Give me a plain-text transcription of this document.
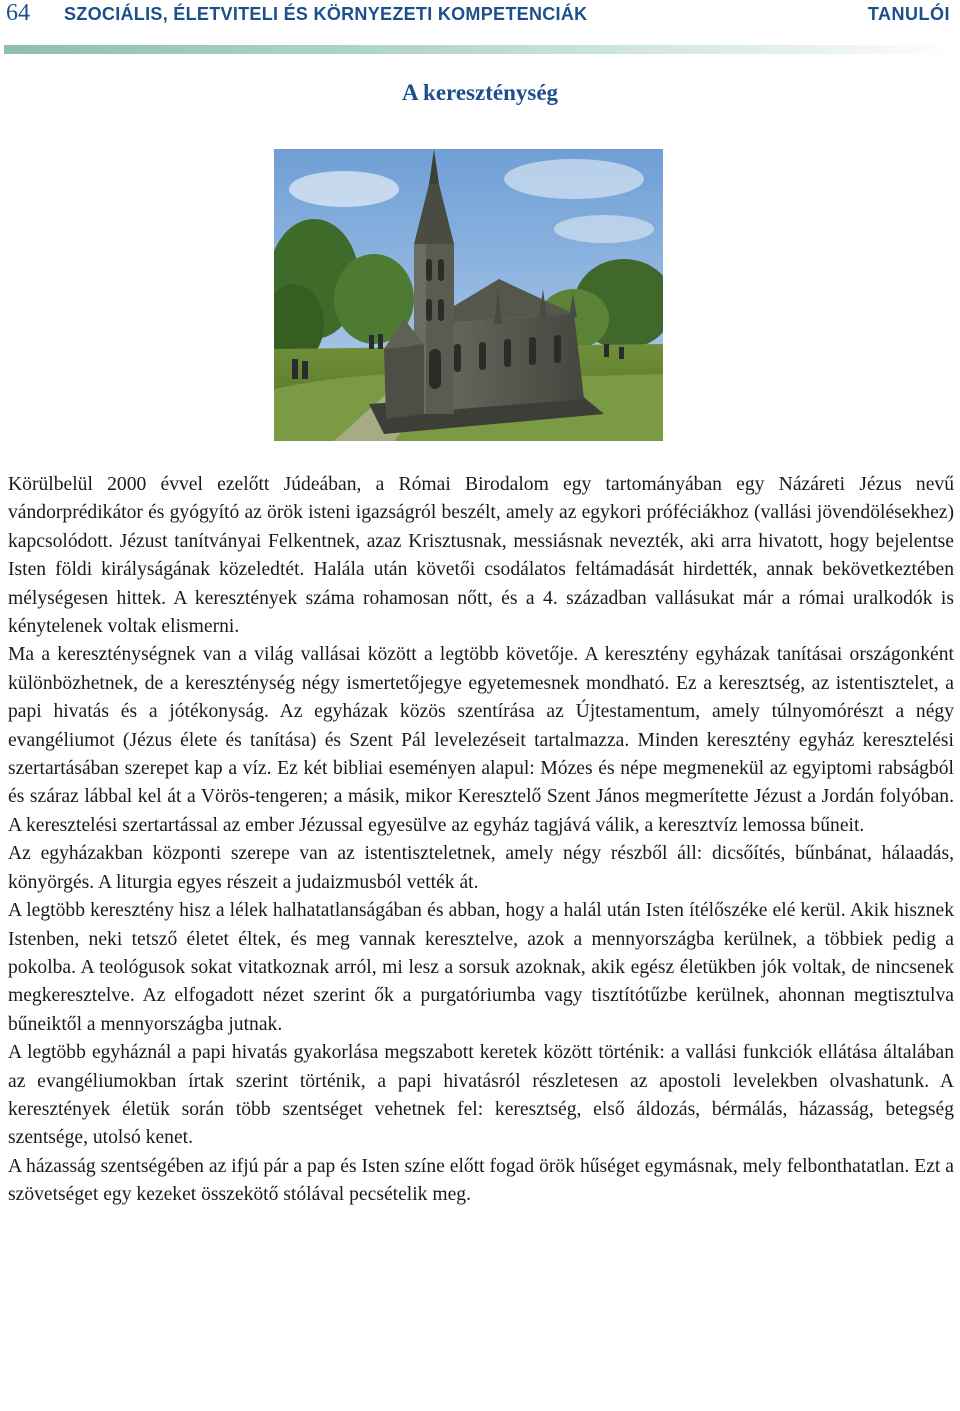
64 SZOCIÁLIS, ÉLETVITELI ÉS KÖRNYEZETI KOMPETENCIÁK	TANULÓI
A kereszténység

Körülbelül 2000 évvel ezelőtt Júdeában, a Római Birodalom egy tartományában egy Názáreti Jézus nevű vándorprédikátor és gyógyító az örök isteni igazságról beszélt, amely az egykori próféciákhoz (vallási jövendölésekhez) kapcsolódott. Jézust tanítványai Felkentnek, azaz Krisztusnak, messiásnak nevezték, aki arra hivatott, hogy bejelentse Isten földi királyságának közeledtét. Halála után követői csodálatos feltámadását hirdették, annak bekövetkeztében mélységesen hittek. A keresztények száma rohamosan nőtt, és a 4. században vallásukat már a római uralkodók is kénytelenek voltak elismerni.

Ma a kereszténységnek van a világ vallásai között a legtöbb követője. A keresztény egyházak tanításai országonként különbözhetnek, de a kereszténység négy ismertetőjegye egyetemesnek mondható. Ez a keresztség, az istentisztelet, a papi hivatás és a jótékonyság. Az egyházak közös szentírása az Újtestamentum, amely túlnyomórészt a négy evangéliumot (Jézus élete és tanítása) és Szent Pál levelezéseit tartalmazza. Minden keresztény egyház keresztelési szertartásában szerepet kap a víz. Ez két bibliai eseményen alapul: Mózes és népe megmenekül az egyiptomi rabságból és száraz lábbal kel át a Vörös-tengeren; a másik, mikor Keresztelő Szent János megmerítette Jézust a Jordán folyóban. A keresztelési szertartással az ember Jézussal egyesülve az egyház tagjává válik, a keresztvíz lemossa bűneit.

Az egyházakban központi szerepe van az istentiszteletnek, amely négy részből áll: dicsőítés, bűnbánat, hálaadás, könyörgés. A liturgia egyes részeit a judaizmusból vették át.

A legtöbb keresztény hisz a lélek halhatatlanságában és abban, hogy a halál után Isten ítélőszéke elé kerül. Akik hisznek Istenben, neki tetsző életet éltek, és meg vannak keresztelve, azok a mennyországba kerülnek, a többiek pedig a pokolba. A teológusok sokat vitatkoznak arról, mi lesz a sorsuk azoknak, akik egész életükben jók voltak, de nincsenek megkeresztelve. Az elfogadott nézet szerint ők a purgatóriumba vagy tisztítótűzbe kerülnek, ahonnan megtisztulva bűneiktől a mennyországba jutnak.

A legtöbb egyháznál a papi hivatás gyakorlása megszabott keretek között történik: a vallási funkciók ellátása általában az evangéliumokban írtak szerint történik, a papi hivatásról részletesen az apostoli levelekben olvashatunk. A keresztények életük során több szentséget vehetnek fel: keresztség, első áldozás, bérmálás, házasság, betegség szentsége, utolsó kenet.

A házasság szentségében az ifjú pár a pap és Isten színe előtt fogad örök hűséget egymásnak, mely felbonthatatlan. Ezt a szövetséget egy kezeket összekötő stólával pecsételik meg.
